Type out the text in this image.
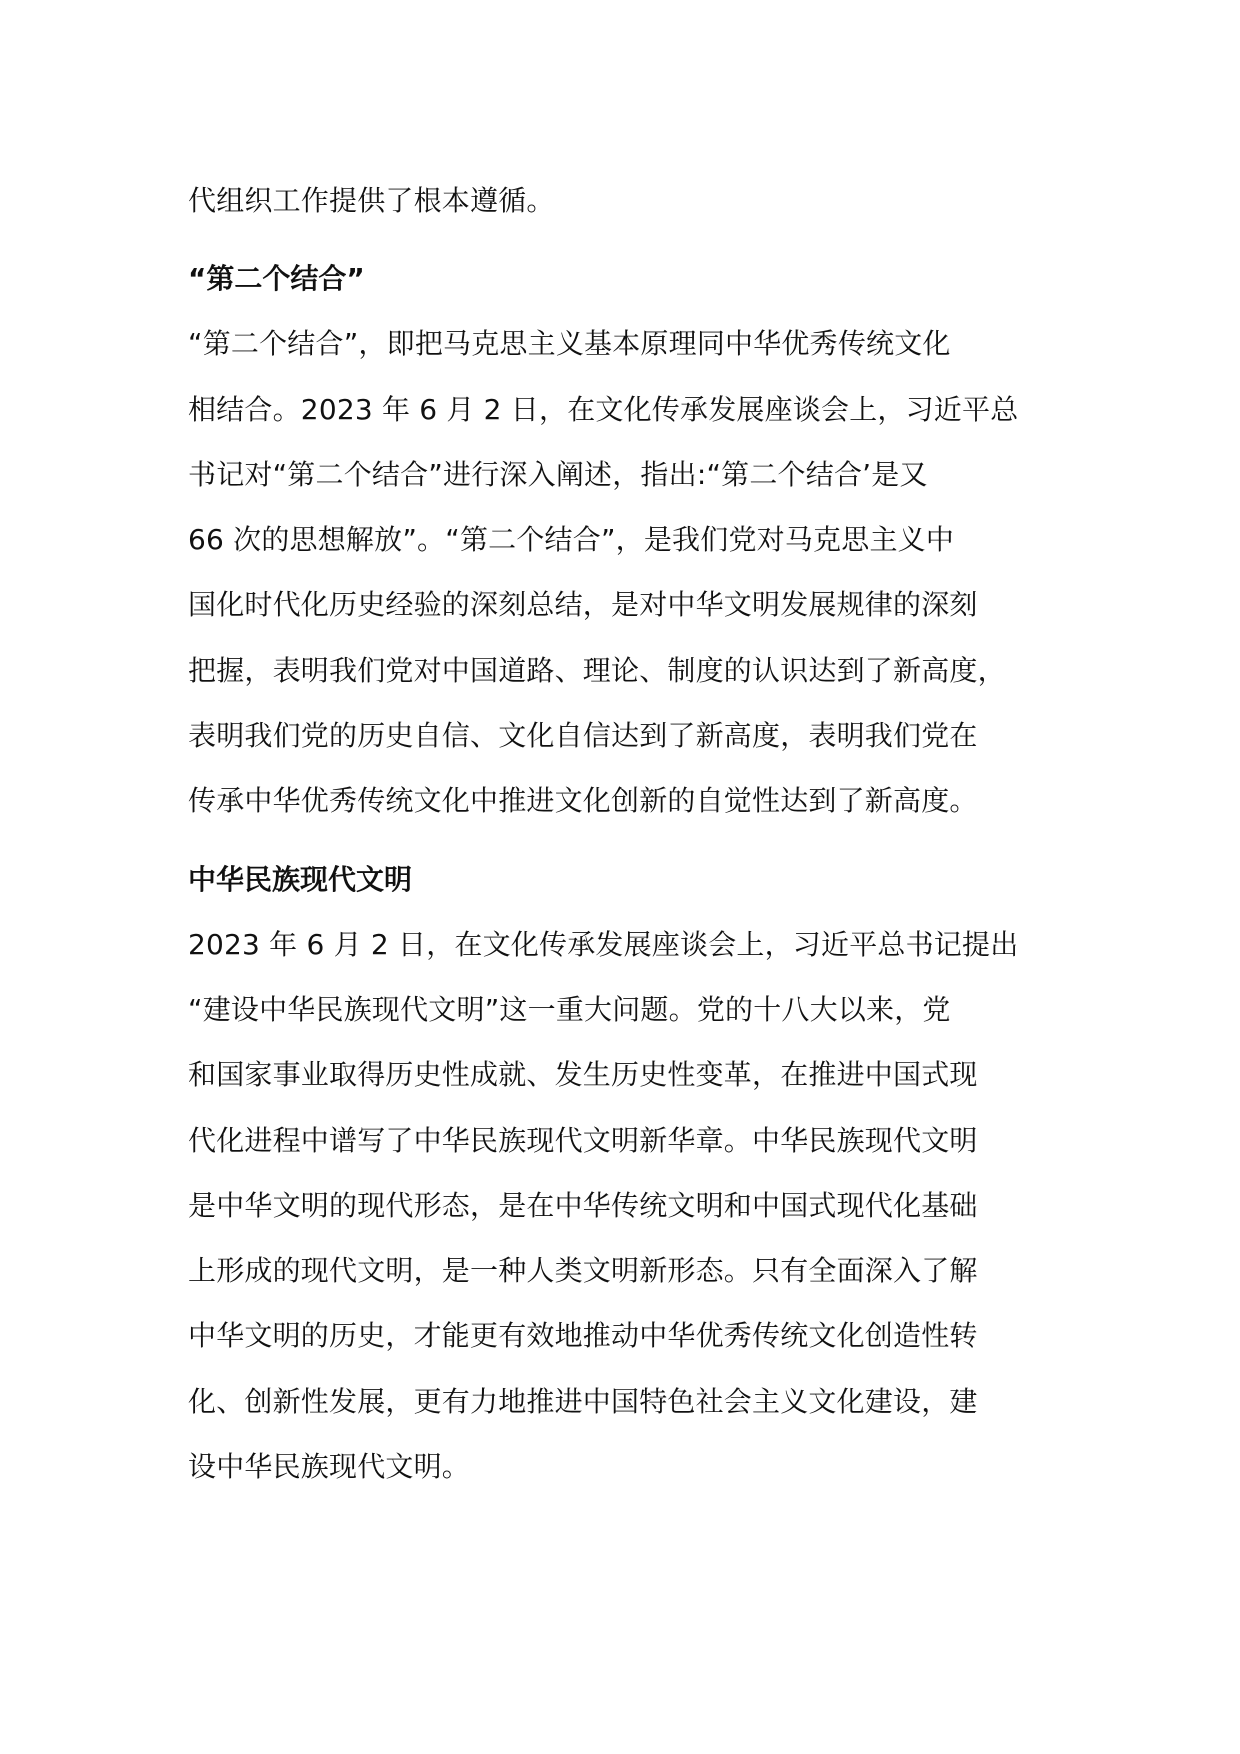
代组织工作提供了根本遵循。

“第二个结合”

“第二个结合”，即把马克思主义基本原理同中华优秀传统文化
相结合。2023 年 6 月 2 日，在文化传承发展座谈会上，习近平总
书记对“第二个结合”进行深入阐述，指出:“第二个结合’是又
66 次的思想解放”。“第二个结合”，是我们党对马克思主义中
国化时代化历史经验的深刻总结，是对中华文明发展规律的深刻
把握，表明我们党对中国道路、理论、制度的认识达到了新高度，
表明我们党的历史自信、文化自信达到了新高度，表明我们党在
传承中华优秀传统文化中推进文化创新的自觉性达到了新高度。

中华民族现代文明

2023 年 6 月 2 日，在文化传承发展座谈会上，习近平总书记提出
“建设中华民族现代文明”这一重大问题。党的十八大以来，党
和国家事业取得历史性成就、发生历史性变革，在推进中国式现
代化进程中谱写了中华民族现代文明新华章。中华民族现代文明
是中华文明的现代形态，是在中华传统文明和中国式现代化基础
上形成的现代文明，是一种人类文明新形态。只有全面深入了解
中华文明的历史，才能更有效地推动中华优秀传统文化创造性转
化、创新性发展，更有力地推进中国特色社会主义文化建设，建
设中华民族现代文明。
